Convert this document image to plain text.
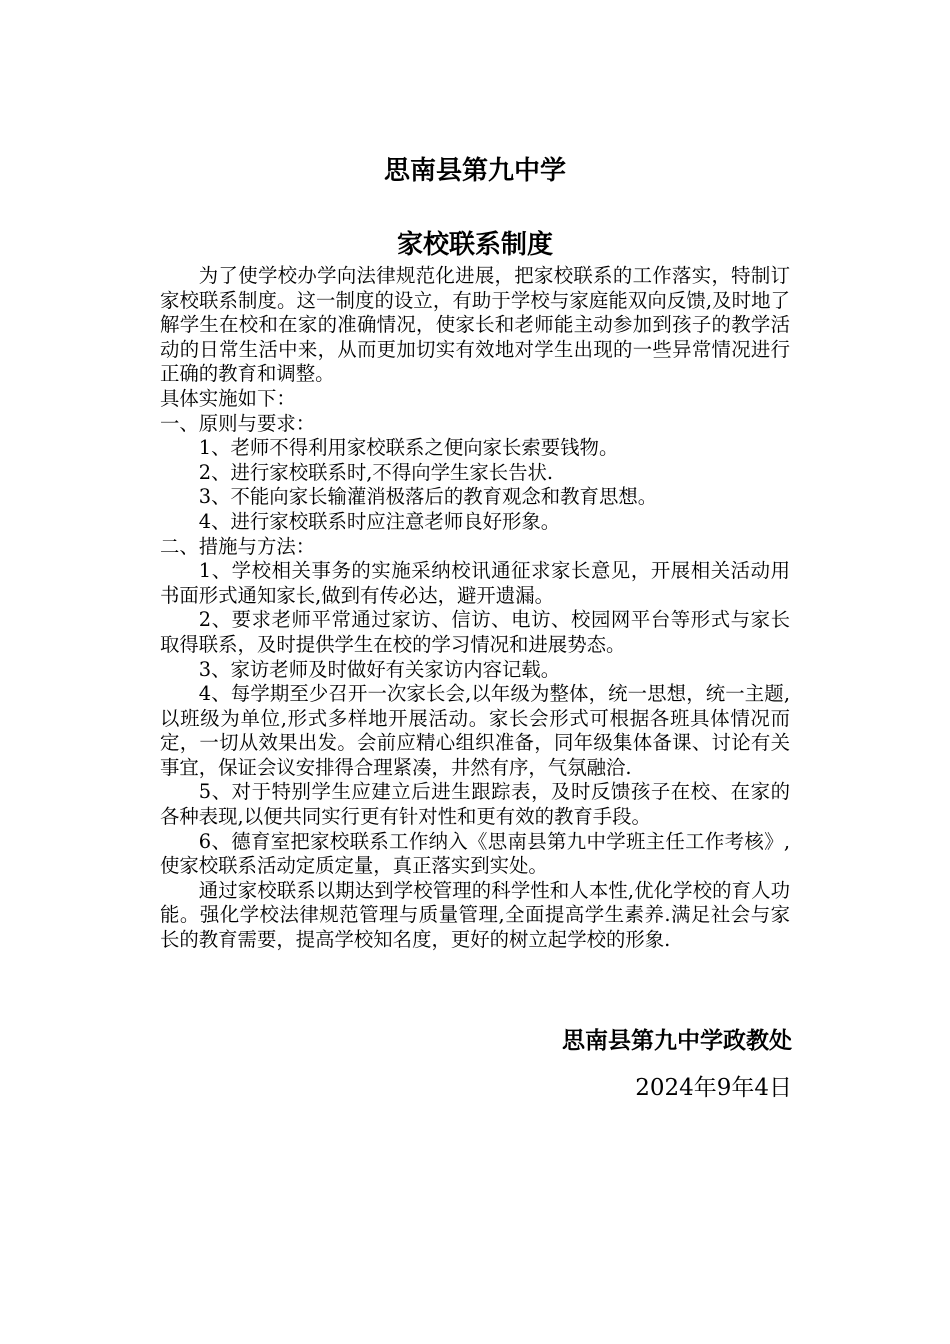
思南县第九中学
家校联系制度

为了使学校办学向法律规范化进展，把家校联系的工作落实，特制订家校联系制度。这一制度的设立，有助于学校与家庭能双向反馈,及时地了解学生在校和在家的准确情况，使家长和老师能主动参加到孩子的教学活动的日常生活中来，从而更加切实有效地对学生出现的一些异常情况进行正确的教育和调整。

具体实施如下：

一、原则与要求：

1、老师不得利用家校联系之便向家长索要钱物。

2、进行家校联系时,不得向学生家长告状.

3、不能向家长输灌消极落后的教育观念和教育思想。

4、进行家校联系时应注意老师良好形象。

二、措施与方法：

1、学校相关事务的实施采纳校讯通征求家长意见，开展相关活动用书面形式通知家长,做到有传必达，避开遗漏。

2、要求老师平常通过家访、信访、电访、校园网平台等形式与家长取得联系，及时提供学生在校的学习情况和进展势态。

3、家访老师及时做好有关家访内容记载。

4、每学期至少召开一次家长会,以年级为整体，统一思想，统一主题,以班级为单位,形式多样地开展活动。家长会形式可根据各班具体情况而定，一切从效果出发。会前应精心组织准备，同年级集体备课、讨论有关事宜，保证会议安排得合理紧凑，井然有序，气氛融洽.

5、对于特别学生应建立后进生跟踪表，及时反馈孩子在校、在家的各种表现,以便共同实行更有针对性和更有效的教育手段。

6、德育室把家校联系工作纳入《思南县第九中学班主任工作考核》,使家校联系活动定质定量，真正落实到实处。

通过家校联系以期达到学校管理的科学性和人本性,优化学校的育人功能。强化学校法律规范管理与质量管理,全面提高学生素养.满足社会与家长的教育需要，提高学校知名度，更好的树立起学校的形象.

思南县第九中学政教处
2024年9年4日
